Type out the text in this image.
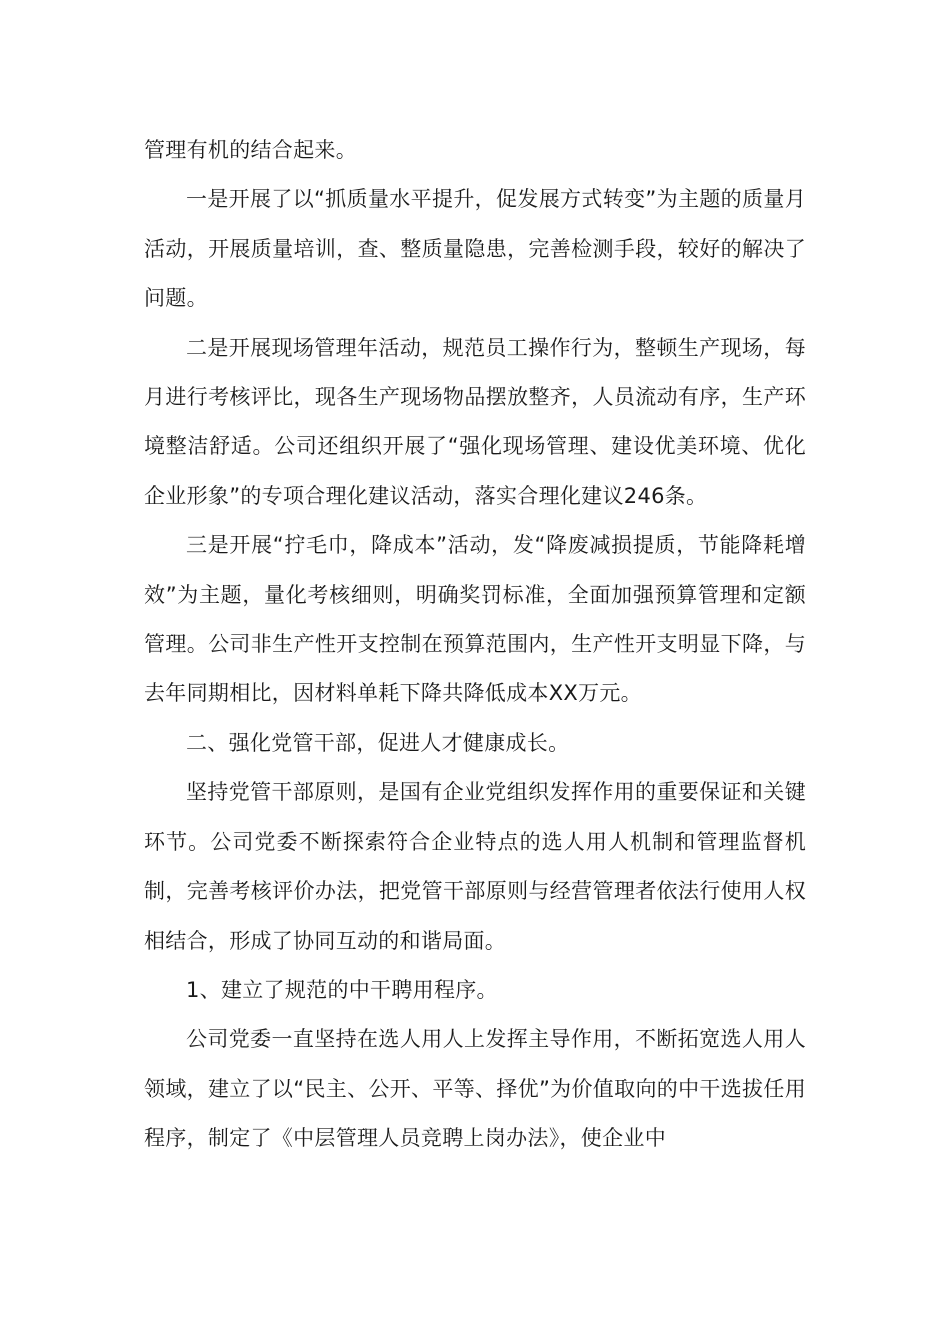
管理有机的结合起来。

一是开展了以“抓质量水平提升，促发展方式转变”为主题的质量月活动，开展质量培训，查、整质量隐患，完善检测手段，较好的解决了问题。

二是开展现场管理年活动，规范员工操作行为，整顿生产现场，每月进行考核评比，现各生产现场物品摆放整齐，人员流动有序，生产环境整洁舒适。公司还组织开展了“强化现场管理、建设优美环境、优化企业形象”的专项合理化建议活动，落实合理化建议246条。

三是开展“拧毛巾，降成本”活动，发“降废减损提质，节能降耗增效”为主题，量化考核细则，明确奖罚标准，全面加强预算管理和定额管理。公司非生产性开支控制在预算范围内，生产性开支明显下降，与去年同期相比，因材料单耗下降共降低成本XX万元。

二、强化党管干部，促进人才健康成长。

坚持党管干部原则，是国有企业党组织发挥作用的重要保证和关键环节。公司党委不断探索符合企业特点的选人用人机制和管理监督机制，完善考核评价办法，把党管干部原则与经营管理者依法行使用人权相结合，形成了协同互动的和谐局面。

1、建立了规范的中干聘用程序。

公司党委一直坚持在选人用人上发挥主导作用，不断拓宽选人用人领域，建立了以“民主、公开、平等、择优”为价值取向的中干选拔任用程序，制定了《中层管理人员竞聘上岗办法》，使企业中
